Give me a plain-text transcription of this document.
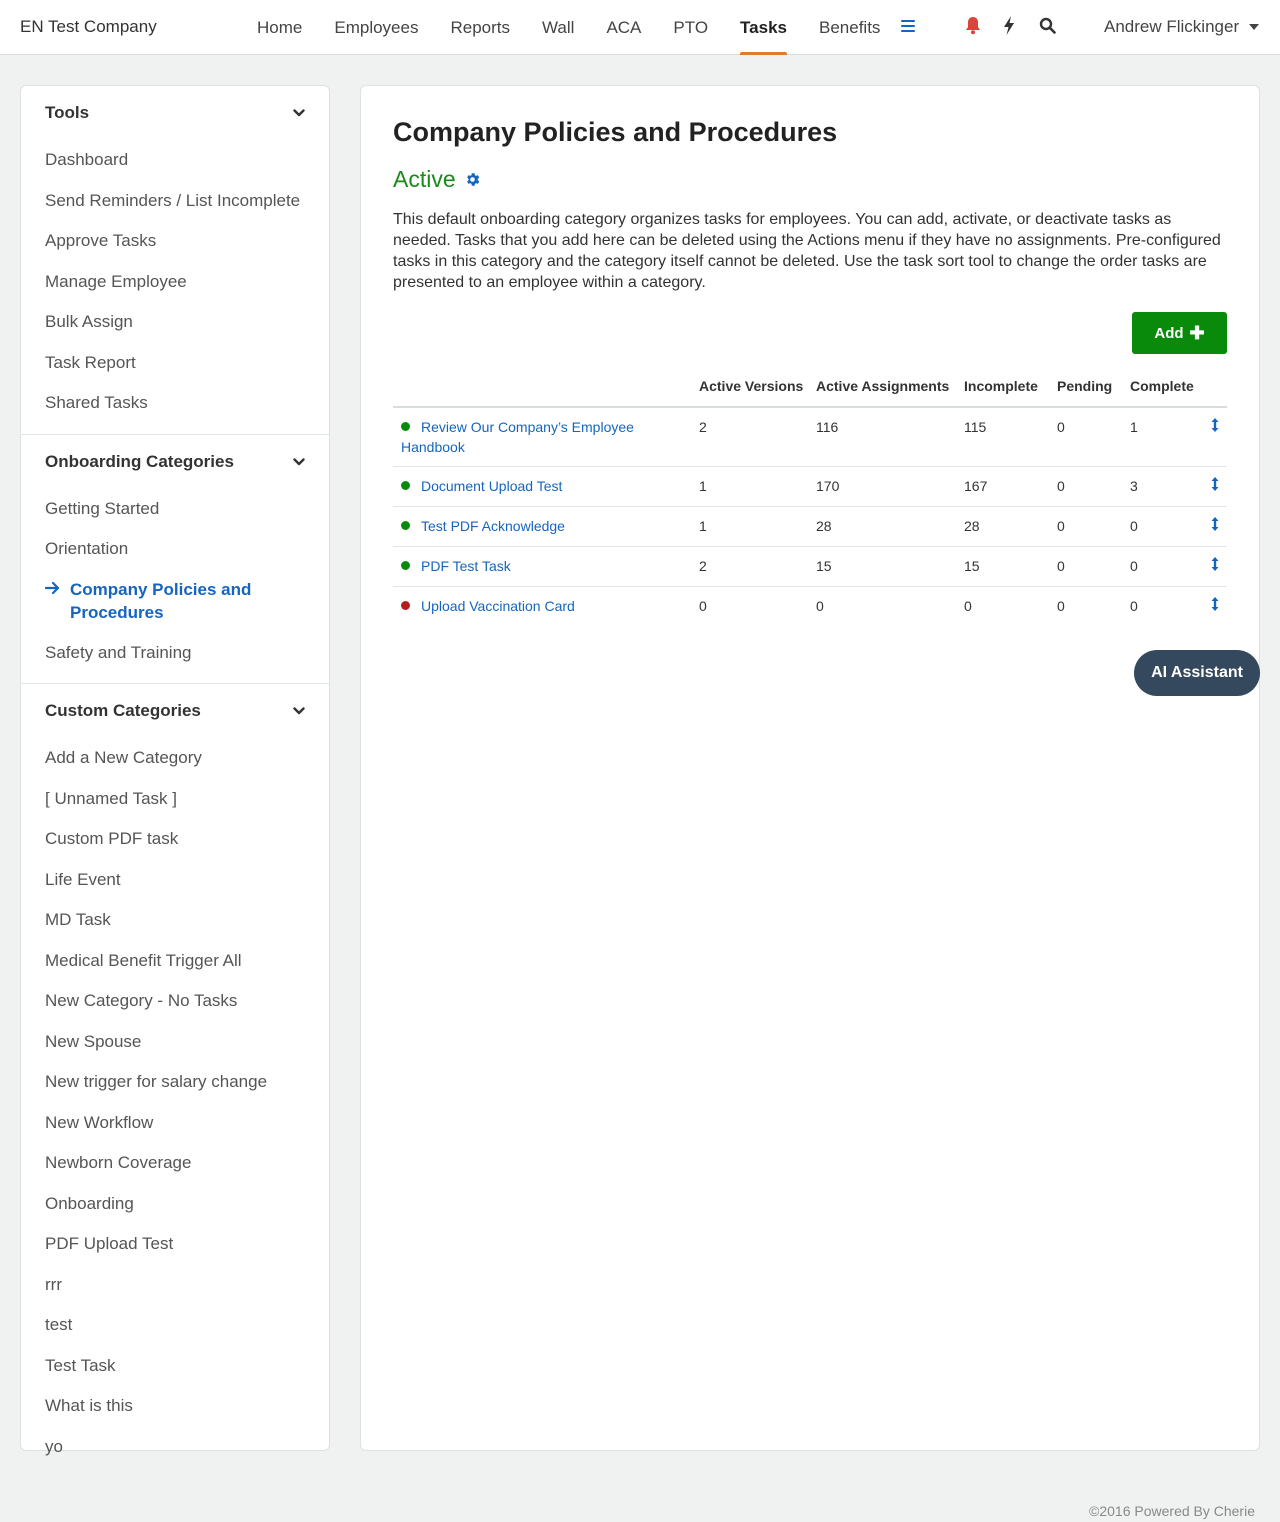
EN Test Company	Home	Employees	Reports	Wall	ACA	PTO	Tasks	Benefits	Andrew Flickinger
Tools
Dashboard
Send Reminders / List Incomplete
Approve Tasks
Manage Employee
Bulk Assign
Task Report
Shared Tasks
Onboarding Categories
Getting Started
Orientation
Company Policies and Procedures
Safety and Training
Custom Categories
Add a New Category
[ Unnamed Task ]
Custom PDF task
Life Event
MD Task
Medical Benefit Trigger All
New Category - No Tasks
New Spouse
New trigger for salary change
New Workflow
Newborn Coverage
Onboarding
PDF Upload Test
rrr
test
Test Task
What is this
yo
Company Policies and Procedures
Active

This default onboarding category organizes tasks for employees. You can add, activate, or deactivate tasks as needed. Tasks that you add here can be deleted using the Actions menu if they have no assignments. Pre-configured tasks in this category and the category itself cannot be deleted. Use the task sort tool to change the order tasks are presented to an employee within a category.

Add ✚
	Active Versions	Active Assignments	Incomplete	Pending	Complete	
Review Our Company’s Employee Handbook	2	116	115	0	1	
Document Upload Test	1	170	167	0	3	
Test PDF Acknowledge	1	28	28	0	0	
PDF Test Task	2	15	15	0	0	
Upload Vaccination Card	0	0	0	0	0	
AI Assistant
©2016 Powered By Cherie
